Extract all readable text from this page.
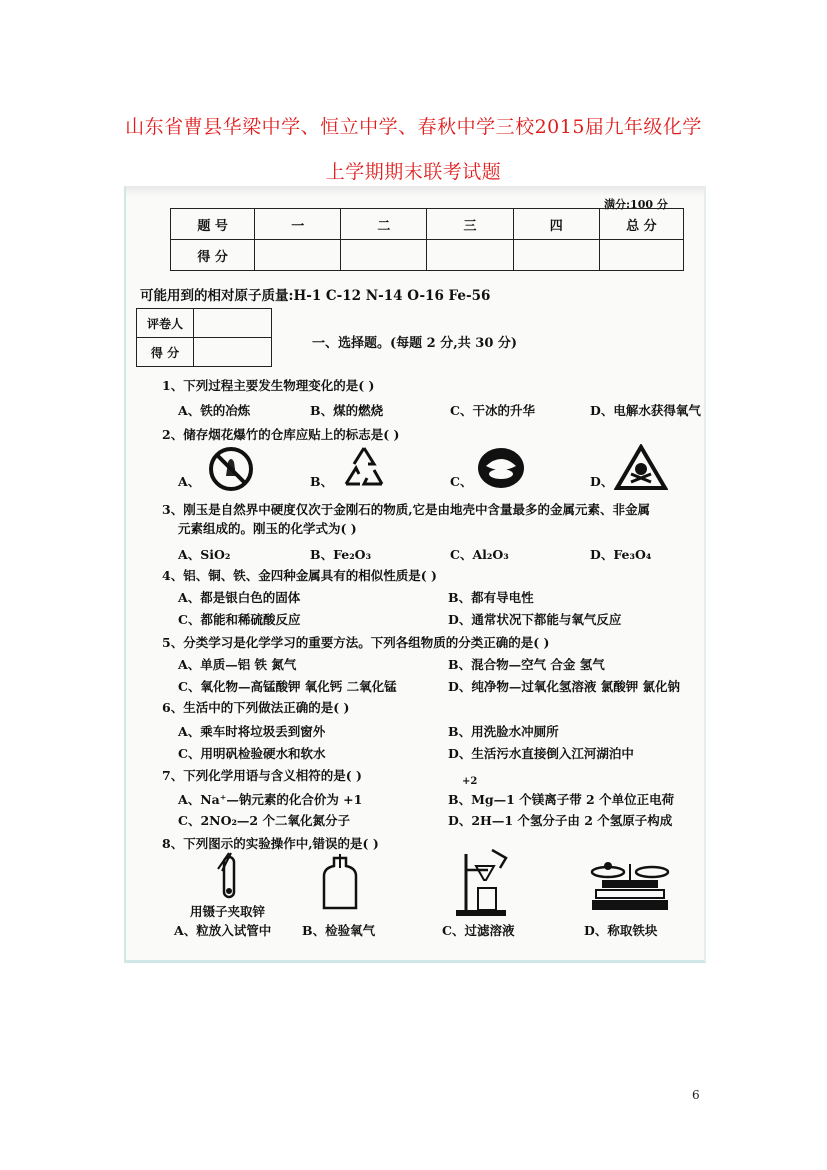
山东省曹县华梁中学、恒立中学、春秋中学三校2015届九年级化学
上学期期末联考试题
满分:100 分
题 号	一	二	三	四	总 分
得 分					
可能用到的相对原子质量:H-1 C-12 N-14 O-16 Fe-56
评卷人	
得 分	
一、选择题。(每题 2 分,共 30 分)
1、下列过程主要发生物理变化的是( )
A、铁的冶炼	B、煤的燃烧	C、干冰的升华	D、电解水获得氧气
2、储存烟花爆竹的仓库应贴上的标志是( )
A、	B、	C、	D、
3、刚玉是自然界中硬度仅次于金刚石的物质,它是由地壳中含量最多的金属元素、非金属
元素组成的。刚玉的化学式为( )
A、SiO₂	B、Fe₂O₃	C、Al₂O₃	D、Fe₃O₄
4、铝、铜、铁、金四种金属具有的相似性质是( )
A、都是银白色的固体	B、都有导电性
C、都能和稀硫酸反应	D、通常状况下都能与氧气反应
5、分类学习是化学学习的重要方法。下列各组物质的分类正确的是( )
A、单质—铝 铁 氮气	B、混合物—空气 合金 氢气
C、氧化物—高锰酸钾 氧化钙 二氧化锰	D、纯净物—过氧化氢溶液 氯酸钾 氯化钠
6、生活中的下列做法正确的是( )
A、乘车时将垃圾丢到窗外	B、用洗脸水冲厕所
C、用明矾检验硬水和软水	D、生活污水直接倒入江河湖泊中
7、下列化学用语与含义相符的是( )	+2
A、Na⁺—钠元素的化合价为 +1	B、Mg—1 个镁离子带 2 个单位正电荷
C、2NO₂—2 个二氧化氮分子	D、2H—1 个氢分子由 2 个氢原子构成
8、下列图示的实验操作中,错误的是( )
用镊子夹取锌
A、粒放入试管中 B、检验氧气	C、过滤溶液	D、称取铁块
6
